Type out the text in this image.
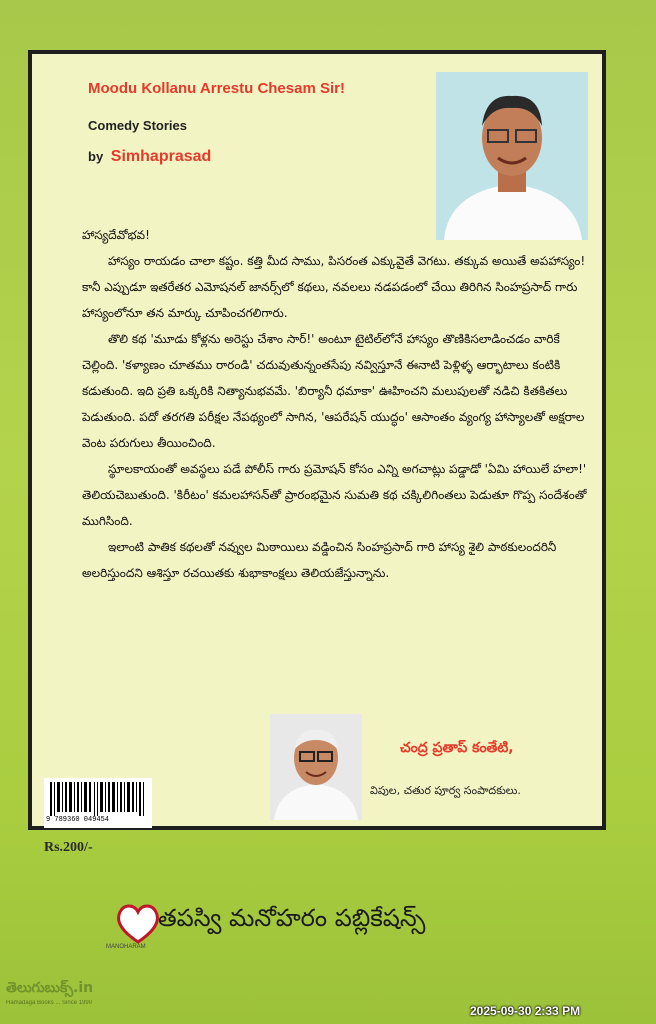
Moodu Kollanu Arrestu Chesam Sir!
Comedy Stories
by Simhaprasad

హాస్యదేవోభవ!

హాస్యం రాయడం చాలా కష్టం. కత్తి మీద సాము, పిసరంత ఎక్కువైతే వెగటు. తక్కువ అయితే అపహాస్యం! కానీ ఎప్పుడూ ఇతరేతర ఎమోషనల్ జానర్స్‌లో కథలు, నవలలు నడపడంలో చేయి తిరిగిన సింహప్రసాద్ గారు హాస్యంలోనూ తన మార్కు చూపించగలిగారు.

తొలి కథ 'మూడు కోళ్లను అరెస్టు చేశాం సార్!' అంటూ టైటిల్‌లోనే హాస్యం తొణికిసలాడించడం వారికే చెల్లింది. 'కళ్యాణం చూతము రారండి' చదువుతున్నంతసేపు నవ్విస్తూనే ఈనాటి పెళ్లిళ్ళ ఆర్భాటాలు కంటికి కడుతుంది. ఇది ప్రతి ఒక్కరికి నిత్యానుభవమే. 'బిర్యానీ ధమాకా' ఊహించని మలుపులతో నడిచి కితకితలు పెడుతుంది. పదో తరగతి పరీక్షల నేపథ్యంలో సాగిన, 'ఆపరేషన్ యుద్ధం' ఆసాంతం వ్యంగ్య హాస్యాలతో అక్షరాల వెంట పరుగులు తీయించింది.

స్థూలకాయంతో అవస్థలు పడే పోలీస్ గారు ప్రమోషన్ కోసం ఎన్ని అగచాట్లు పడ్డాడో 'ఏమి హాయిలే హలా!' తెలియచెబుతుంది. 'కిరీటం' కమలహాసన్‌తో ప్రారంభమైన సుమతి కథ చక్కిలిగింతలు పెడుతూ గొప్ప సందేశంతో ముగిసింది.

ఇలాంటి పాతిక కథలతో నవ్వుల మిఠాయిలు వడ్డించిన సింహప్రసాద్ గారి హాస్య శైలి పాఠకులందరినీ అలరిస్తుందని ఆశిస్తూ రచయితకు శుభాకాంక్షలు తెలియజేస్తున్నాను.

చంద్ర ప్రతాప్ కంతేటి,
విపుల, చతుర పూర్వ సంపాదకులు.
9 789360 049454
Rs.200/-
MANOHARAM
తపస్వి మనోహరం పబ్లికేషన్స్
తెలుగుబుక్స్.in
Hamadaga Books ... Since 1990
2025-09-30 2:33 PM
